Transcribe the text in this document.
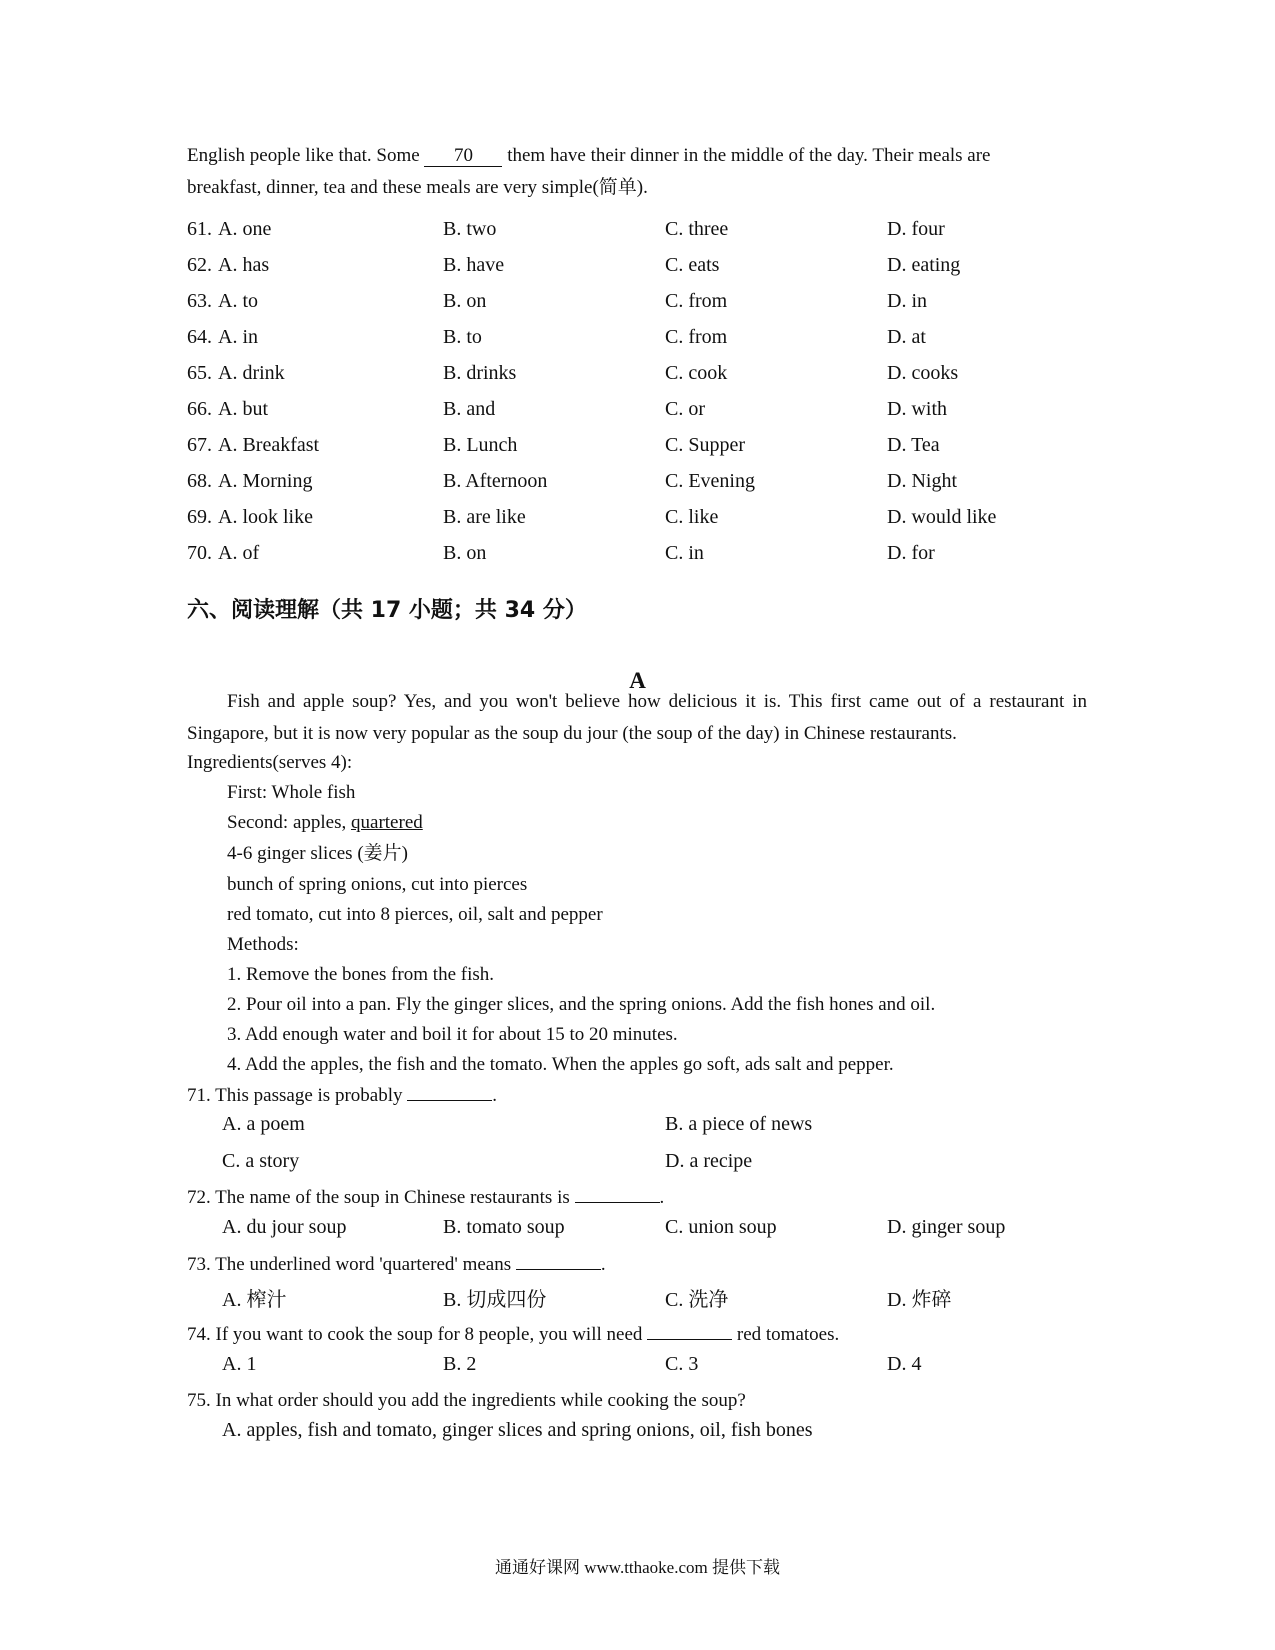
English people like that. Some 70 them have their dinner in the middle of the day. Their meals are
breakfast, dinner, tea and these meals are very simple(简单).
61. A. one	B. two	C. three	D. four
62. A. has	B. have	C. eats	D. eating
63. A. to	B. on	C. from	D. in
64. A. in	B. to	C. from	D. at
65. A. drink	B. drinks	C. cook	D. cooks
66. A. but	B. and	C. or	D. with
67. A. Breakfast	B. Lunch	C. Supper	D. Tea
68. A. Morning	B. Afternoon	C. Evening	D. Night
69. A. look like	B. are like	C. like	D. would like
70. A. of	B. on	C. in	D. for
六、阅读理解（共 17 小题；共 34 分）
A
Fish and apple soup? Yes, and you won't believe how delicious it is. This first came out of a restaurant in Singapore, but it is now very popular as the soup du jour (the soup of the day) in Chinese restaurants.
Ingredients(serves 4):
First: Whole fish
Second: apples, quartered
4-6 ginger slices (姜片)
bunch of spring onions, cut into pierces
red tomato, cut into 8 pierces, oil, salt and pepper
Methods:
1. Remove the bones from the fish.
2. Pour oil into a pan. Fly the ginger slices, and the spring onions. Add the fish hones and oil.
3. Add enough water and boil it for about 15 to 20 minutes.
4. Add the apples, the fish and the tomato. When the apples go soft, ads salt and pepper.
71. This passage is probably	.
A. a poem	B. a piece of news
C. a story	D. a recipe
72. The name of the soup in Chinese restaurants is	.
A. du jour soup	B. tomato soup	C. union soup	D. ginger soup
73. The underlined word 'quartered' means	.
A. 榨汁	B. 切成四份	C. 洗净	D. 炸碎
74. If you want to cook the soup for 8 people, you will need	red tomatoes.
A. 1	B. 2	C. 3	D. 4
75. In what order should you add the ingredients while cooking the soup?
A. apples, fish and tomato, ginger slices and spring onions, oil, fish bones
通通好课网 www.tthaoke.com 提供下载
